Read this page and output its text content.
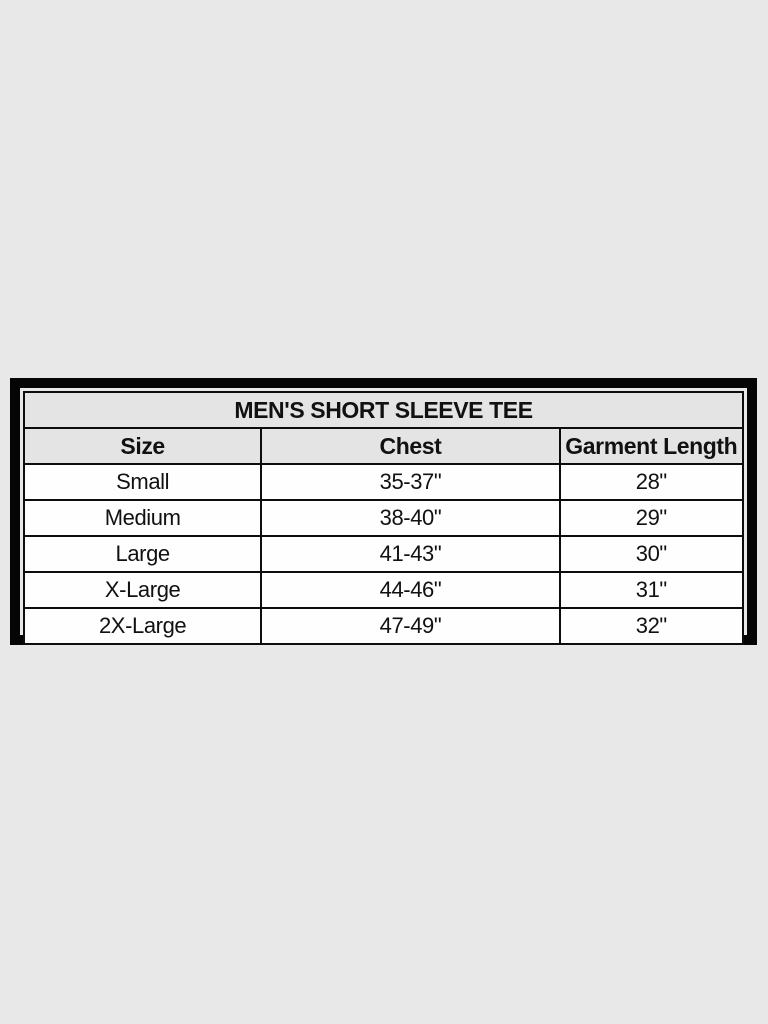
MEN'S SHORT SLEEVE TEE		
Size	Chest	Garment Length
Small	35-37"	28"
Medium	38-40"	29"
Large	41-43"	30"
X-Large	44-46"	31"
2X-Large	47-49"	32"
